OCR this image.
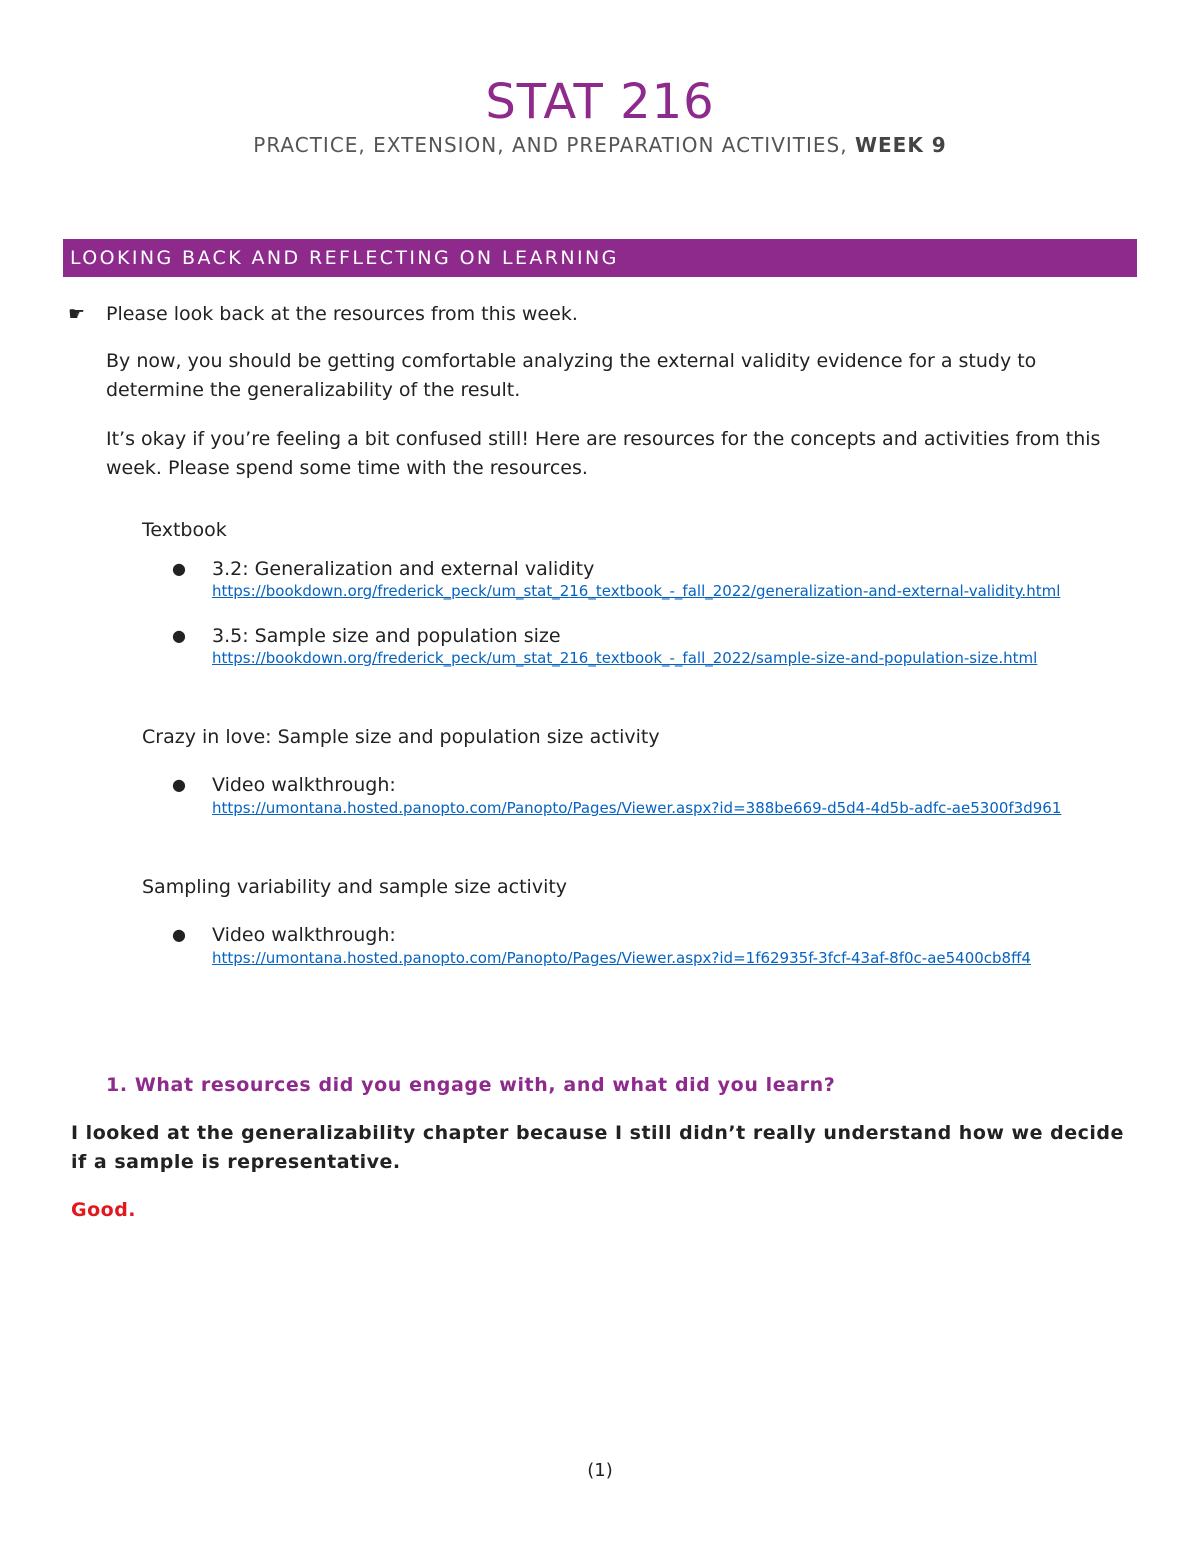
STAT 216
PRACTICE, EXTENSION, AND PREPARATION ACTIVITIES, WEEK 9
LOOKING BACK AND REFLECTING ON LEARNING
☛ Please look back at the resources from this week.
By now, you should be getting comfortable analyzing the external validity evidence for a study to determine the generalizability of the result.
It’s okay if you’re feeling a bit confused still! Here are resources for the concepts and activities from this week. Please spend some time with the resources.
Textbook
● 3.2: Generalization and external validity
https://bookdown.org/frederick_peck/um_stat_216_textbook_-_fall_2022/generalization-and-external-validity.html
● 3.5: Sample size and population size
https://bookdown.org/frederick_peck/um_stat_216_textbook_-_fall_2022/sample-size-and-population-size.html
Crazy in love: Sample size and population size activity
● Video walkthrough:
https://umontana.hosted.panopto.com/Panopto/Pages/Viewer.aspx?id=388be669-d5d4-4d5b-adfc-ae5300f3d961
Sampling variability and sample size activity
● Video walkthrough:
https://umontana.hosted.panopto.com/Panopto/Pages/Viewer.aspx?id=1f62935f-3fcf-43af-8f0c-ae5400cb8ff4
1. What resources did you engage with, and what did you learn?
I looked at the generalizability chapter because I still didn’t really understand how we decide if a sample is representative.
Good.
(1)
